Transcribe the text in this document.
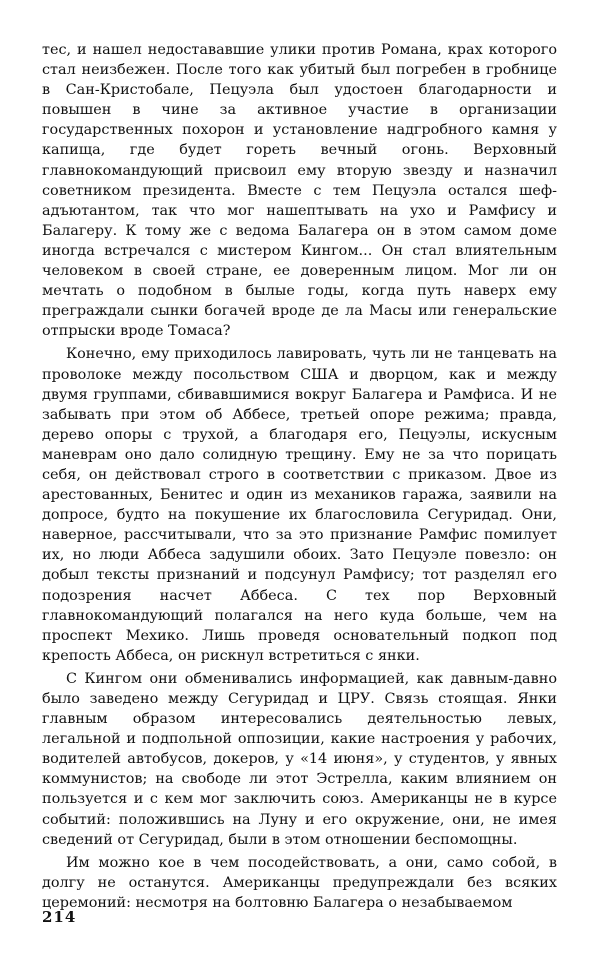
тес, и нашел недостававшие улики против Романа, крах которого стал неизбежен. После того как убитый был погребен в гробнице в Сан-Кристобале, Пецуэла был удостоен благодарности и повышен в чине за активное участие в организации государственных похорон и установление надгробного камня у капища, где будет гореть вечный огонь. Верховный главнокомандующий присвоил ему вторую звезду и назначил советником президента. Вместе с тем Пецуэла остался шеф-адъютантом, так что мог нашептывать на ухо и Рамфису и Балагеру. К тому же с ведома Балагера он в этом самом доме иногда встречался с мистером Кингом... Он стал влиятельным человеком в своей стране, ее доверенным лицом. Мог ли он мечтать о подобном в былые годы, когда путь наверх ему преграждали сынки богачей вроде де ла Масы или генеральские отпрыски вроде Томаса?

Конечно, ему приходилось лавировать, чуть ли не танцевать на проволоке между посольством США и дворцом, как и между двумя группами, сбивавшимися вокруг Балагера и Рамфиса. И не забывать при этом об Аббесе, третьей опоре режима; правда, дерево опоры с трухой, а благодаря его, Пецуэлы, искусным маневрам оно дало солидную трещину. Ему не за что порицать себя, он действовал строго в соответствии с приказом. Двое из арестованных, Бенитес и один из механиков гаража, заявили на допросе, будто на покушение их благословила Сегуридад. Они, наверное, рассчитывали, что за это признание Рамфис помилует их, но люди Аббеса задушили обоих. Зато Пецуэле повезло: он добыл тексты признаний и подсунул Рамфису; тот разделял его подозрения насчет Аббеса. С тех пор Верховный главнокомандующий полагался на него куда больше, чем на проспект Мехико. Лишь проведя основательный подкоп под крепость Аббеса, он рискнул встретиться с янки.

С Кингом они обменивались информацией, как давным-давно было заведено между Сегуридад и ЦРУ. Связь стоящая. Янки главным образом интересовались деятельностью левых, легальной и подпольной оппозиции, какие настроения у рабочих, водителей автобусов, докеров, у «14 июня», у студентов, у явных коммунистов; на свободе ли этот Эстрелла, каким влиянием он пользуется и с кем мог заключить союз. Американцы не в курсе событий: положившись на Луну и его окружение, они, не имея сведений от Сегуридад, были в этом отношении беспомощны.

Им можно кое в чем посодействовать, а они, само собой, в долгу не останутся. Американцы предупреждали без всяких церемоний: несмотря на болтовню Балагера о незабываемом

214
